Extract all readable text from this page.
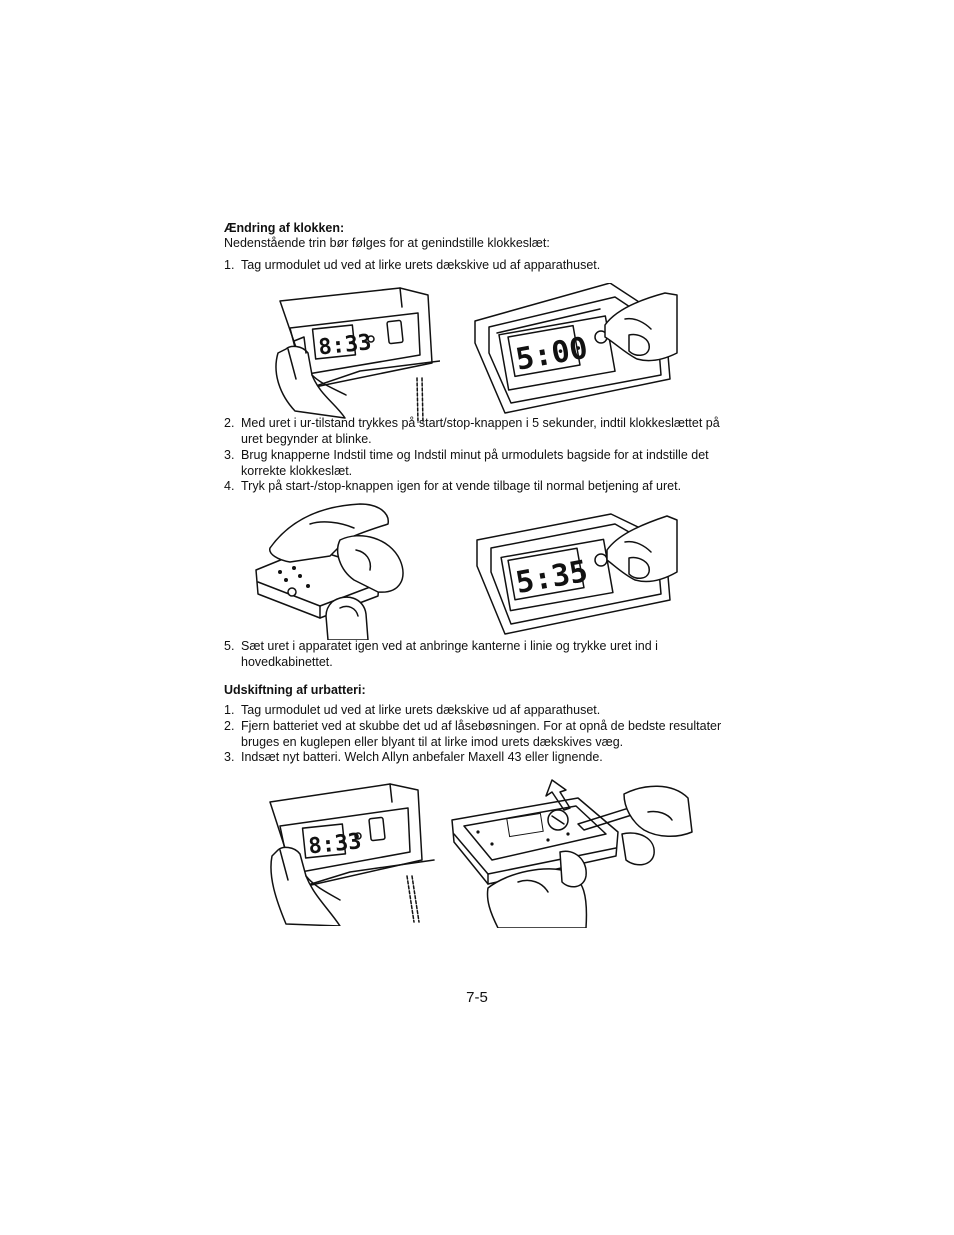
Ændring af klokken:
Nedenstående trin bør følges for at genindstille klokkeslæt:
1. Tag urmodulet ud ved at lirke urets dækskive ud af apparathuset.
8:33	5:00
2. Med uret i ur-tilstand trykkes på start/stop-knappen i 5 sekunder, indtil klokkeslættet på uret begynder at blinke.
3. Brug knapperne Indstil time og Indstil minut på urmodulets bagside for at indstille det korrekte klokkeslæt.
4. Tryk på start-/stop-knappen igen for at vende tilbage til normal betjening af uret.
5:35
5. Sæt uret i apparatet igen ved at anbringe kanterne i linie og trykke uret ind i hovedkabinettet.
Udskiftning af urbatteri:
1. Tag urmodulet ud ved at lirke urets dækskive ud af apparathuset.
2. Fjern batteriet ved at skubbe det ud af låsebøsningen. For at opnå de bedste resultater bruges en kuglepen eller blyant til at lirke imod urets dækskives væg.
3. Indsæt nyt batteri. Welch Allyn anbefaler Maxell 43 eller lignende.
8:33
7-5
